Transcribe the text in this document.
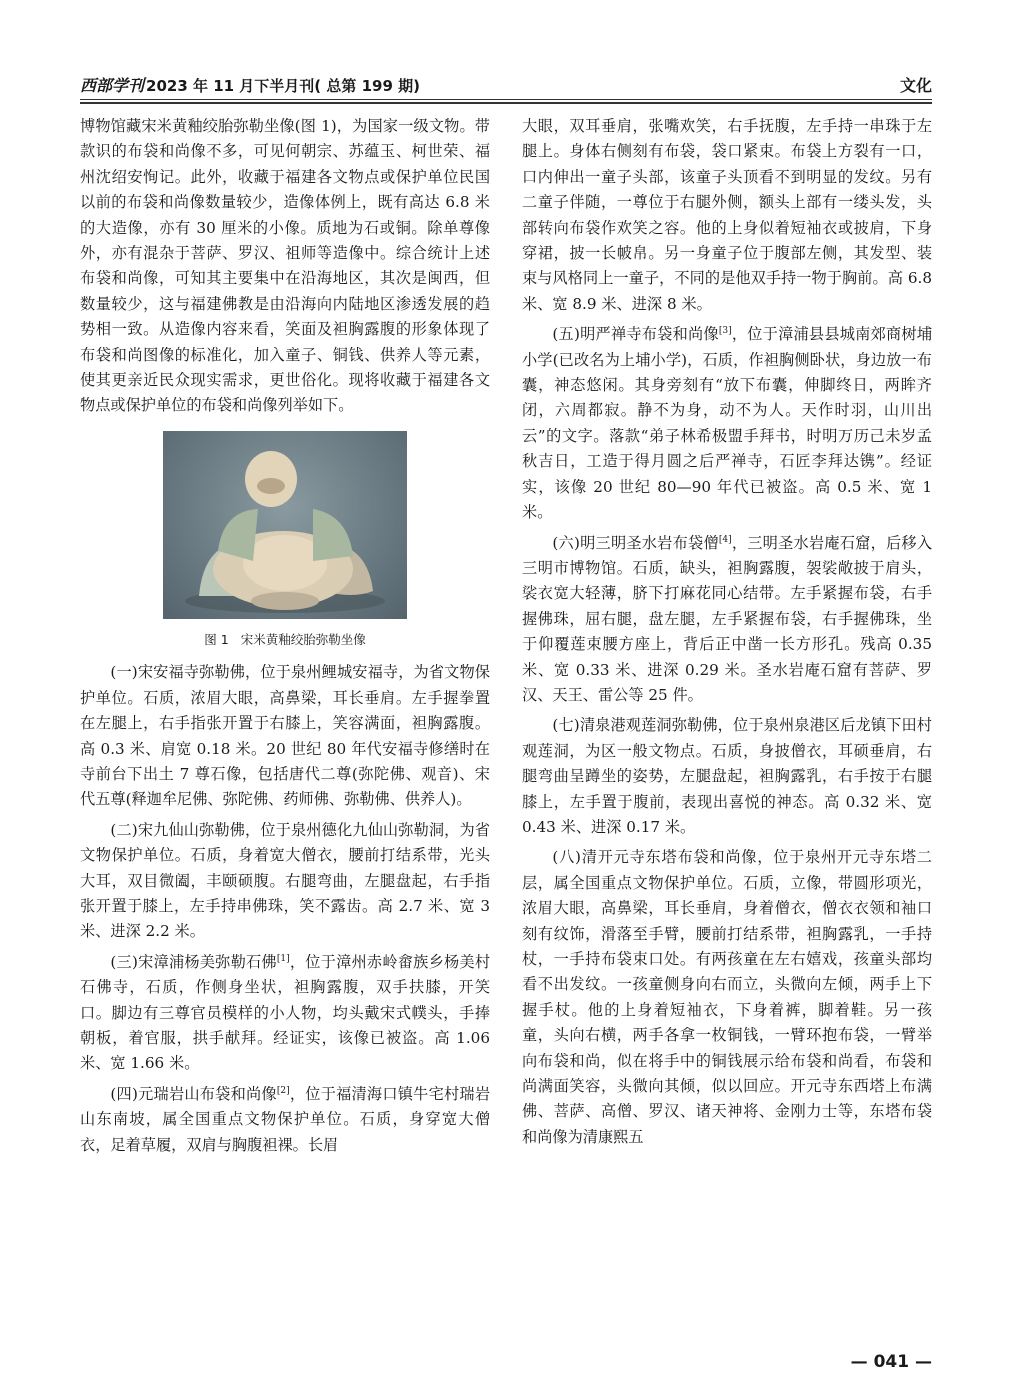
西部学刊 2023 年 11 月下半月刊( 总第 199 期)	文化

博物馆藏宋米黄釉绞胎弥勒坐像(图 1)，为国家一级文物。带款识的布袋和尚像不多，可见何朝宗、苏蕴玉、柯世荣、福州沈绍安恂记。此外，收藏于福建各文物点或保护单位民国以前的布袋和尚像数量较少，造像体例上，既有高达 6.8 米的大造像，亦有 30 厘米的小像。质地为石或铜。除单尊像外，亦有混杂于菩萨、罗汉、祖师等造像中。综合统计上述布袋和尚像，可知其主要集中在沿海地区，其次是闽西，但数量较少，这与福建佛教是由沿海向内陆地区渗透发展的趋势相一致。从造像内容来看，笑面及袒胸露腹的形象体现了布袋和尚图像的标准化，加入童子、铜钱、供养人等元素，使其更亲近民众现实需求，更世俗化。现将收藏于福建各文物点或保护单位的布袋和尚像列举如下。

图 1 宋米黄釉绞胎弥勒坐像

(一)宋安福寺弥勒佛，位于泉州鲤城安福寺，为省文物保护单位。石质，浓眉大眼，高鼻梁，耳长垂肩。左手握拳置在左腿上，右手指张开置于右膝上，笑容满面，袒胸露腹。高 0.3 米、肩宽 0.18 米。20 世纪 80 年代安福寺修缮时在寺前台下出土 7 尊石像，包括唐代二尊(弥陀佛、观音)、宋代五尊(释迦牟尼佛、弥陀佛、药师佛、弥勒佛、供养人)。

(二)宋九仙山弥勒佛，位于泉州德化九仙山弥勒洞，为省文物保护单位。石质，身着宽大僧衣，腰前打结系带，光头大耳，双目微阖，丰颐硕腹。右腿弯曲，左腿盘起，右手指张开置于膝上，左手持串佛珠，笑不露齿。高 2.7 米、宽 3 米、进深 2.2 米。

(三)宋漳浦杨美弥勒石佛[1]，位于漳州赤岭畲族乡杨美村石佛寺，石质，作侧身坐状，袒胸露腹，双手扶膝，开笑口。脚边有三尊官员模样的小人物，均头戴宋式幞头，手捧朝板，着官服，拱手献拜。经证实，该像已被盗。高 1.06 米、宽 1.66 米。

(四)元瑞岩山布袋和尚像[2]，位于福清海口镇牛宅村瑞岩山东南坡，属全国重点文物保护单位。石质，身穿宽大僧衣，足着草履，双肩与胸腹袒裸。长眉

大眼，双耳垂肩，张嘴欢笑，右手抚腹，左手持一串珠于左腿上。身体右侧刻有布袋，袋口紧束。布袋上方裂有一口，口内伸出一童子头部，该童子头顶看不到明显的发纹。另有二童子伴随，一尊位于右腿外侧，额头上部有一缕头发，头部转向布袋作欢笑之容。他的上身似着短袖衣或披肩，下身穿裙，披一长帔帛。另一身童子位于腹部左侧，其发型、装束与风格同上一童子，不同的是他双手持一物于胸前。高 6.8 米、宽 8.9 米、进深 8 米。

(五)明严禅寺布袋和尚像[3]，位于漳浦县县城南郊商树埔小学(已改名为上埔小学)，石质，作袒胸侧卧状，身边放一布囊，神态悠闲。其身旁刻有“放下布囊，伸脚终日，两眸齐闭，六周都寂。静不为身，动不为人。天作时羽，山川出云”的文字。落款“弟子林希极盟手拜书，时明万历己未岁孟秋吉日，工造于得月圆之后严禅寺，石匠李拜达镌”。经证实，该像 20 世纪 80—90 年代已被盗。高 0.5 米、宽 1 米。

(六)明三明圣水岩布袋僧[4]，三明圣水岩庵石窟，后移入三明市博物馆。石质，缺头，袒胸露腹，袈裟敞披于肩头，裟衣宽大轻薄，脐下打麻花同心结带。左手紧握布袋，右手握佛珠，屈右腿，盘左腿，左手紧握布袋，右手握佛珠，坐于仰覆莲束腰方座上，背后正中凿一长方形孔。残高 0.35 米、宽 0.33 米、进深 0.29 米。圣水岩庵石窟有菩萨、罗汉、天王、雷公等 25 件。

(七)清泉港观莲洞弥勒佛，位于泉州泉港区后龙镇下田村观莲洞，为区一般文物点。石质，身披僧衣，耳硕垂肩，右腿弯曲呈蹲坐的姿势，左腿盘起，袒胸露乳，右手按于右腿膝上，左手置于腹前，表现出喜悦的神态。高 0.32 米、宽 0.43 米、进深 0.17 米。

(八)清开元寺东塔布袋和尚像，位于泉州开元寺东塔二层，属全国重点文物保护单位。石质，立像，带圆形项光，浓眉大眼，高鼻梁，耳长垂肩，身着僧衣，僧衣衣领和袖口刻有纹饰，滑落至手臂，腰前打结系带，袒胸露乳，一手持杖，一手持布袋束口处。有两孩童在左右嬉戏，孩童头部均看不出发纹。一孩童侧身向右而立，头微向左倾，两手上下握手杖。他的上身着短袖衣，下身着裤，脚着鞋。另一孩童，头向右横，两手各拿一枚铜钱，一臂环抱布袋，一臂举向布袋和尚，似在将手中的铜钱展示给布袋和尚看，布袋和尚满面笑容，头微向其倾，似以回应。开元寺东西塔上布满佛、菩萨、高僧、罗汉、诸天神将、金刚力士等，东塔布袋和尚像为清康熙五

— 041 —
